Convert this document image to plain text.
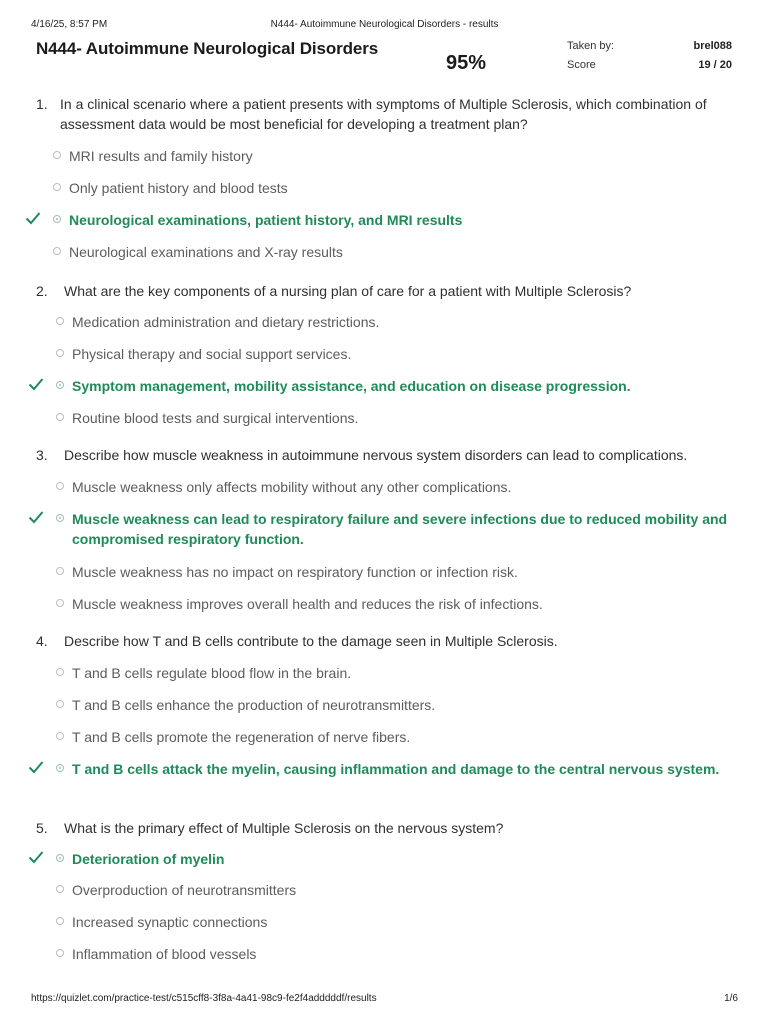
4/16/25, 8:57 PM	N444- Autoimmune Neurological Disorders - results
N444- Autoimmune Neurological Disorders
95%
Taken by:	brel088
Score	19 / 20
1. In a clinical scenario where a patient presents with symptoms of Multiple Sclerosis, which combination of assessment data would be most beneficial for developing a treatment plan?
MRI results and family history
Only patient history and blood tests
Neurological examinations, patient history, and MRI results
Neurological examinations and X-ray results
2. What are the key components of a nursing plan of care for a patient with Multiple Sclerosis?
Medication administration and dietary restrictions.
Physical therapy and social support services.
Symptom management, mobility assistance, and education on disease progression.
Routine blood tests and surgical interventions.
3. Describe how muscle weakness in autoimmune nervous system disorders can lead to complications.
Muscle weakness only affects mobility without any other complications.
Muscle weakness can lead to respiratory failure and severe infections due to reduced mobility and compromised respiratory function.
Muscle weakness has no impact on respiratory function or infection risk.
Muscle weakness improves overall health and reduces the risk of infections.
4. Describe how T and B cells contribute to the damage seen in Multiple Sclerosis.
T and B cells regulate blood flow in the brain.
T and B cells enhance the production of neurotransmitters.
T and B cells promote the regeneration of nerve fibers.
T and B cells attack the myelin, causing inflammation and damage to the central nervous system.
5. What is the primary effect of Multiple Sclerosis on the nervous system?
Deterioration of myelin
Overproduction of neurotransmitters
Increased synaptic connections
Inflammation of blood vessels
https://quizlet.com/practice-test/c515cff8-3f8a-4a41-98c9-fe2f4adddddf/results	1/6
